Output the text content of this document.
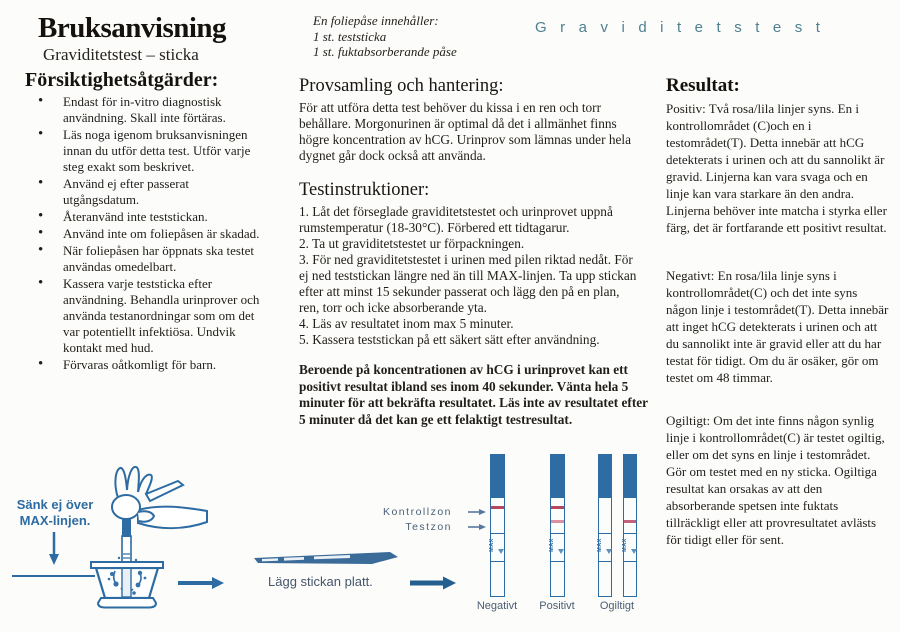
Bruksanvisning
Graviditetstest – sticka
Försiktighetsåtgärder:
• Endast för in-vitro diagnostisk användning. Skall inte förtäras.
• Läs noga igenom bruksanvisningen innan du utför detta test. Utför varje steg exakt som beskrivet.
• Använd ej efter passerat utgångsdatum.
• Återanvänd inte teststickan.
• Använd inte om foliepåsen är skadad.
• När foliepåsen har öppnats ska testet användas omedelbart.
• Kassera varje teststicka efter användning. Behandla urinprover och använda testanordningar som om det var potentiellt infektiösa. Undvik kontakt med hud.
• Förvaras oåtkomligt för barn.
En foliepåse innehåller:
1 st. teststicka
1 st. fuktabsorberande påse
Graviditetstest
Provsamling och hantering:
För att utföra detta test behöver du kissa i en ren och torr behållare. Morgonurinen är optimal då det i allmänhet finns högre koncentration av hCG. Urinprov som lämnas under hela dygnet går dock också att använda.
Testinstruktioner:
1. Låt det förseglade graviditetstestet och urinprovet uppnå rumstemperatur (18-30°C). Förbered ett tidtagarur.
2. Ta ut graviditetstestet ur förpackningen.
3. För ned graviditetstestet i urinen med pilen riktad nedåt. För ej ned teststickan längre ned än till MAX-linjen. Ta upp stickan efter att minst 15 sekunder passerat och lägg den på en plan, ren, torr och icke absorberande yta.
4. Läs av resultatet inom max 5 minuter.
5. Kassera teststickan på ett säkert sätt efter användning.
Beroende på koncentrationen av hCG i urinprovet kan ett positivt resultat ibland ses inom 40 sekunder. Vänta hela 5 minuter för att bekräfta resultatet. Läs inte av resultatet efter 5 minuter då det kan ge ett felaktigt testresultat.
Resultat:
Positiv: Två rosa/lila linjer syns. En i kontrollområdet (C)och en i testområdet(T). Detta innebär att hCG detekterats i urinen och att du sannolikt är gravid. Linjerna kan vara svaga och en linje kan vara starkare än den andra. Linjerna behöver inte matcha i styrka eller färg, det är fortfarande ett positivt resultat.
Negativt: En rosa/lila linje syns i kontrollområdet(C) och det inte syns någon linje i testområdet(T). Detta innebär att inget hCG detekterats i urinen och att du sannolikt inte är gravid eller att du har testat för tidigt. Om du är osäker, gör om testet om 48 timmar.
Ogiltigt: Om det inte finns någon synlig linje i kontrollområdet(C) är testet ogiltig, eller om det syns en linje i testområdet. Gör om testet med en ny sticka. Ogiltiga resultat kan orsakas av att den absorberande spetsen inte fuktats tillräckligt eller att provresultatet avlästs för tidigt eller för sent.
Sänk ej över MAX-linjen.
Lägg stickan platt.
Kontrollzon
Testzon
MAX	MAX	MAX	MAX
Negativt	Positivt	Ogiltigt
